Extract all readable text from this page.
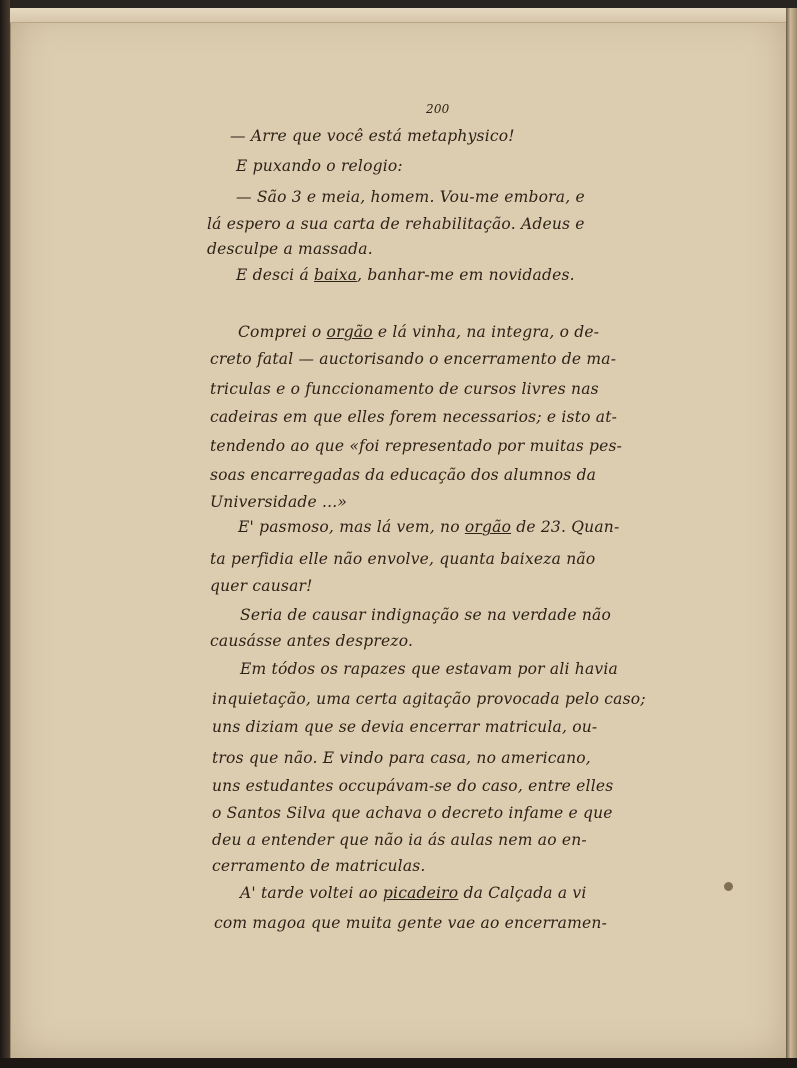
200
— Arre que você está metaphysico!
E puxando o relogio:
— São 3 e meia, homem. Vou-me embora, e
lá espero a sua carta de rehabilitação. Adeus e
desculpe a massada.
E desci á baixa, banhar-me em novidades.
Comprei o orgão e lá vinha, na integra, o de-
creto fatal — auctorisando o encerramento de ma-
triculas e o funccionamento de cursos livres nas
cadeiras em que elles forem necessarios; e isto at-
tendendo ao que «foi representado por muitas pes-
soas encarregadas da educação dos alumnos da
Universidade ...»
E' pasmoso, mas lá vem, no orgão de 23. Quan-
ta perfidia elle não envolve, quanta baixeza não
quer causar!
Seria de causar indignação se na verdade não
causásse antes desprezo.
Em tódos os rapazes que estavam por ali havia
inquietação, uma certa agitação provocada pelo caso;
uns diziam que se devia encerrar matricula, ou-
tros que não. E vindo para casa, no americano,
uns estudantes occupávam-se do caso, entre elles
o Santos Silva que achava o decreto infame e que
deu a entender que não ia ás aulas nem ao en-
cerramento de matriculas.
A' tarde voltei ao picadeiro da Calçada a vi
com magoa que muita gente vae ao encerramen-
